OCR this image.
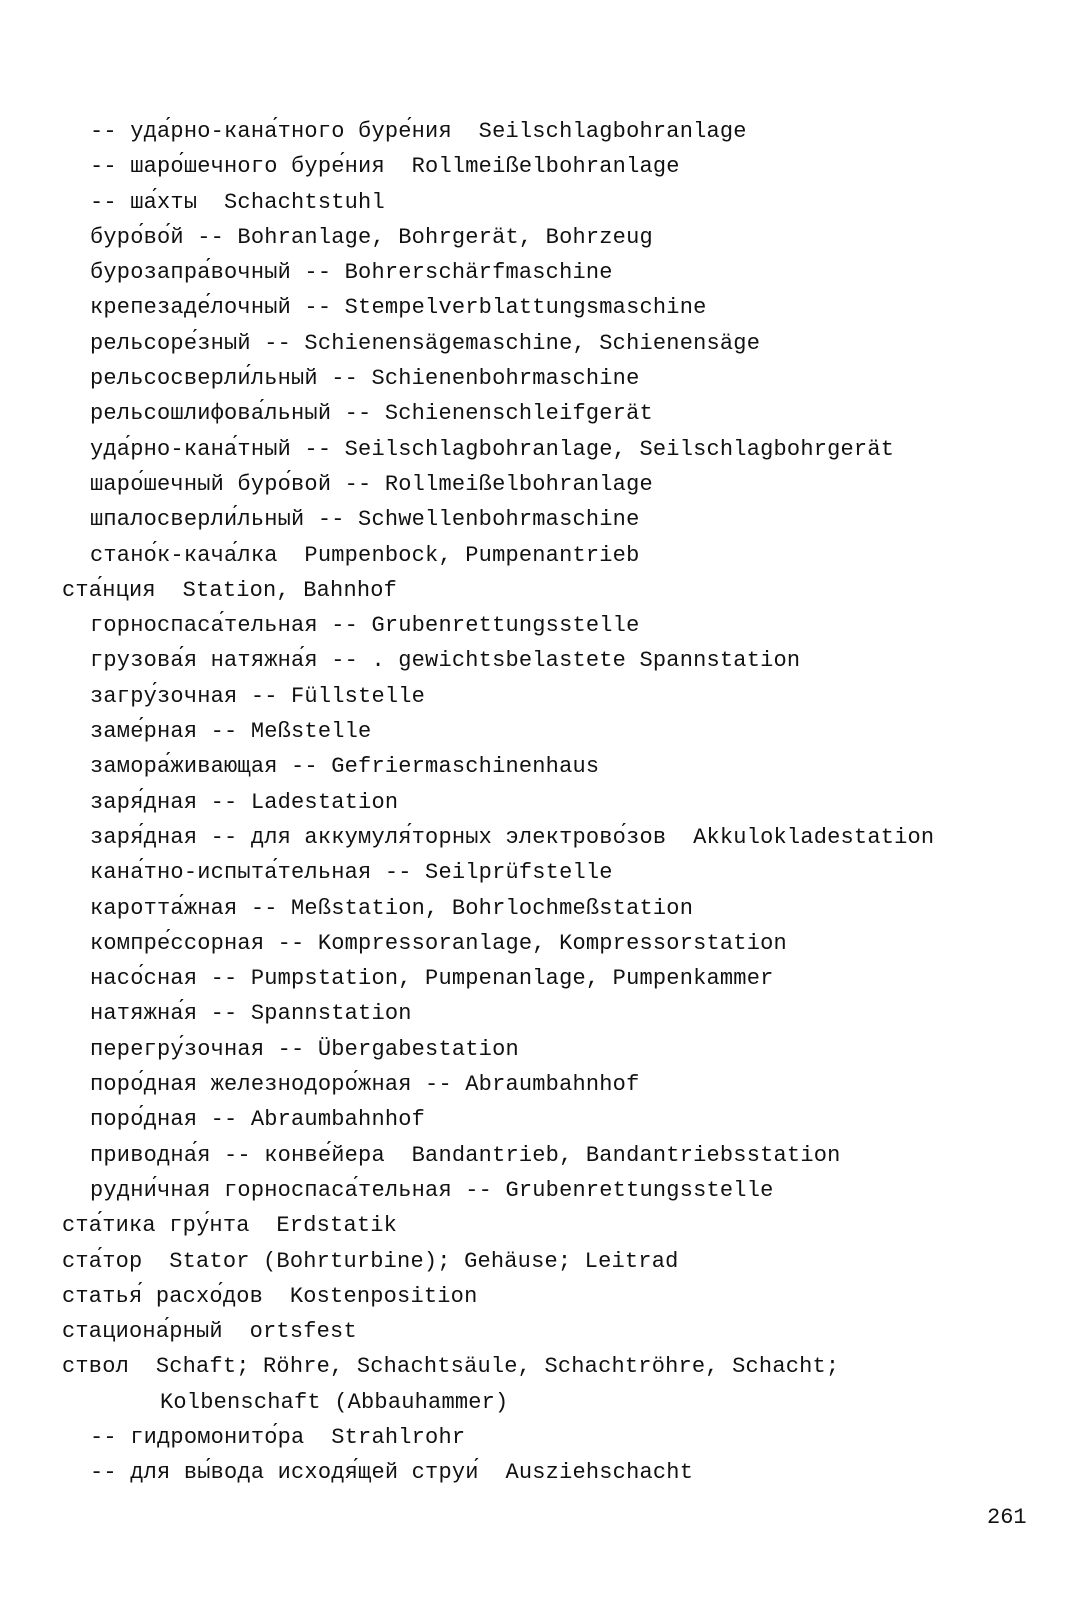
-- уда́рно-кана́тного буре́ния  Seilschlagbohranlage
-- шаро́шечного буре́ния  Rollmeißelbohranlage
-- ша́хты  Schachtstuhl
буро́во́й -- Bohranlage, Bohrgerät, Bohrzeug
бурозапра́вочный -- Bohrerschärfmaschine
крепезаде́лочный -- Stempelverblattungsmaschine
рельсоре́зный -- Schienensägemaschine, Schienensäge
рельсосверли́льный -- Schienenbohrmaschine
рельсошлифова́льный -- Schienenschleifgerät
уда́рно-кана́тный -- Seilschlagbohranlage, Seilschlagbohrgerät
шаро́шечный буро́вой -- Rollmeißelbohranlage
шпалосверли́льный -- Schwellenbohrmaschine
стано́к-кача́лка  Pumpenbock, Pumpenantrieb
ста́нция  Station, Bahnhof
горноспаса́тельная -- Grubenrettungsstelle
грузова́я натяжна́я -- . gewichtsbelastete Spannstation
загру́зочная -- Füllstelle
заме́рная -- Meßstelle
замора́живающая -- Gefriermaschinenhaus
заря́дная -- Ladestation
заря́дная -- для аккумуля́торных электрово́зов  Akkulokladestation
кана́тно-испыта́тельная -- Seilprüfstelle
каротта́жная -- Meßstation, Bohrlochmeßstation
компре́ссорная -- Kompressoranlage, Kompressorstation
насо́сная -- Pumpstation, Pumpenanlage, Pumpenkammer
натяжна́я -- Spannstation
перегру́зочная -- Übergabestation
поро́дная железнодоро́жная -- Abraumbahnhof
поро́дная -- Abraumbahnhof
приводна́я -- конве́йера  Bandantrieb, Bandantriebsstation
рудни́чная горноспаса́тельная -- Grubenrettungsstelle
ста́тика гру́нта  Erdstatik
ста́тор  Stator (Bohrturbine); Gehäuse; Leitrad
статья́ расхо́дов  Kostenposition
стациона́рный  ortsfest
ствол  Schaft; Röhre, Schachtsäule, Schachtröhre, Schacht;
Kolbenschaft (Abbauhammer)
-- гидромонито́ра  Strahlrohr
-- для вы́вода исходя́щей струи́  Ausziehschacht
261
